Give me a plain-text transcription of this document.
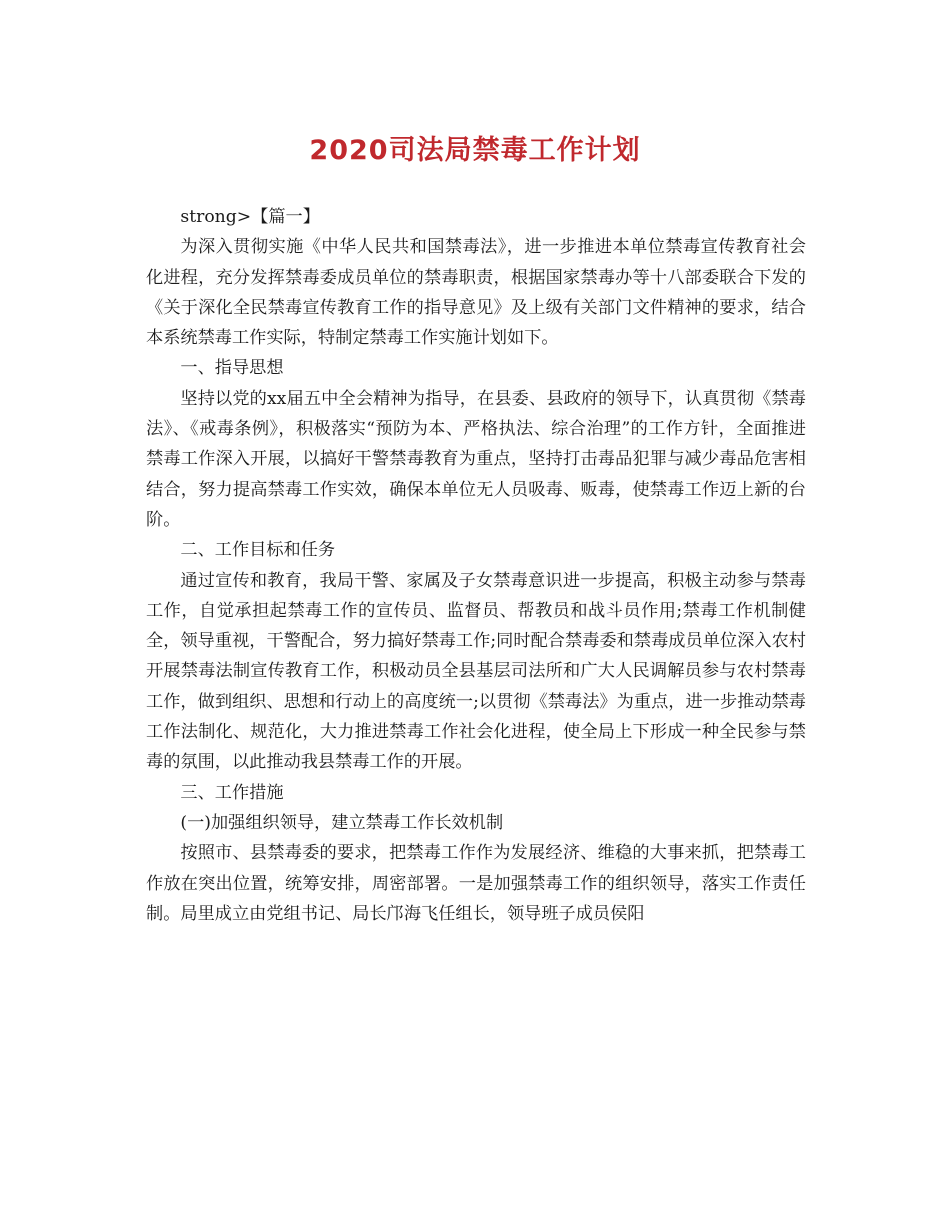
2020司法局禁毒工作计划

strong>【篇一】

为深入贯彻实施《中华人民共和国禁毒法》，进一步推进本单位禁毒宣传教育社会化进程，充分发挥禁毒委成员单位的禁毒职责，根据国家禁毒办等十八部委联合下发的《关于深化全民禁毒宣传教育工作的指导意见》及上级有关部门文件精神的要求，结合本系统禁毒工作实际，特制定禁毒工作实施计划如下。

一、指导思想

坚持以党的xx届五中全会精神为指导，在县委、县政府的领导下，认真贯彻《禁毒法》、《戒毒条例》，积极落实“预防为本、严格执法、综合治理”的工作方针，全面推进禁毒工作深入开展，以搞好干警禁毒教育为重点，坚持打击毒品犯罪与减少毒品危害相结合，努力提高禁毒工作实效，确保本单位无人员吸毒、贩毒，使禁毒工作迈上新的台阶。

二、工作目标和任务

通过宣传和教育，我局干警、家属及子女禁毒意识进一步提高，积极主动参与禁毒工作，自觉承担起禁毒工作的宣传员、监督员、帮教员和战斗员作用;禁毒工作机制健全，领导重视，干警配合，努力搞好禁毒工作;同时配合禁毒委和禁毒成员单位深入农村开展禁毒法制宣传教育工作，积极动员全县基层司法所和广大人民调解员参与农村禁毒工作，做到组织、思想和行动上的高度统一;以贯彻《禁毒法》为重点，进一步推动禁毒工作法制化、规范化，大力推进禁毒工作社会化进程，使全局上下形成一种全民参与禁毒的氛围，以此推动我县禁毒工作的开展。

三、工作措施

(一)加强组织领导，建立禁毒工作长效机制

按照市、县禁毒委的要求，把禁毒工作作为发展经济、维稳的大事来抓，把禁毒工作放在突出位置，统筹安排，周密部署。一是加强禁毒工作的组织领导，落实工作责任制。局里成立由党组书记、局长邝海飞任组长，领导班子成员侯阳
